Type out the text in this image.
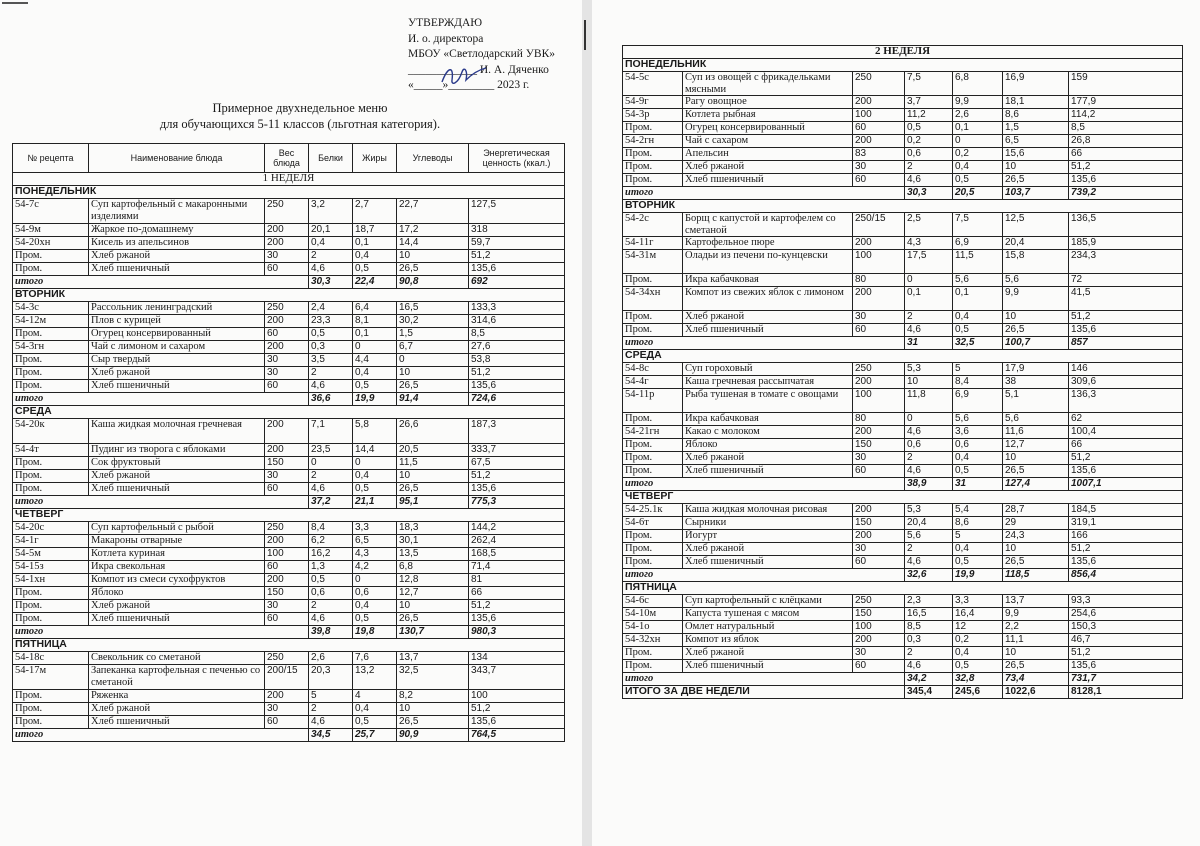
УТВЕРЖДАЮ
И. о. директора
МБОУ «Светлодарский УВК»
____________ И. А. Дяченко
«_____»________ 2023 г.
Примерное двухнедельное меню
для обучающихся 5-11 классов (льготная категория).
№ рецепта	Наименование блюда	Вес блюда	Белки	Жиры	Углеводы	Энергетическая ценность (ккал.)
1 НЕДЕЛЯ						
ПОНЕДЕЛЬНИК						
54-7с	Суп картофельный с макаронными изделиями	250	3,2	2,7	22,7	127,5
54-9м	Жаркое по-домашнему	200	20,1	18,7	17,2	318
54-20хн	Кисель из апельсинов	200	0,4	0,1	14,4	59,7
Пром.	Хлеб ржаной	30	2	0,4	10	51,2
Пром.	Хлеб пшеничный	60	4,6	0,5	26,5	135,6
итого			30,3	22,4	90,8	692
ВТОРНИК						
54-3с	Рассольник ленинградский	250	2,4	6,4	16,5	133,3
54-12м	Плов с курицей	200	23,3	8,1	30,2	314,6
Пром.	Огурец консервированный	60	0,5	0,1	1,5	8,5
54-3гн	Чай с лимоном и сахаром	200	0,3	0	6,7	27,6
Пром.	Сыр твердый	30	3,5	4,4	0	53,8
Пром.	Хлеб ржаной	30	2	0,4	10	51,2
Пром.	Хлеб пшеничный	60	4,6	0,5	26,5	135,6
итого			36,6	19,9	91,4	724,6
СРЕДА						
54-20к	Каша жидкая молочная гречневая	200	7,1	5,8	26,6	187,3
54-4т	Пудинг из творога с яблоками	200	23,5	14,4	20,5	333,7
Пром.	Сок фруктовый	150	0	0	11,5	67,5
Пром.	Хлеб ржаной	30	2	0,4	10	51,2
Пром.	Хлеб пшеничный	60	4,6	0,5	26,5	135,6
итого			37,2	21,1	95,1	775,3
ЧЕТВЕРГ						
54-20с	Суп картофельный с рыбой	250	8,4	3,3	18,3	144,2
54-1г	Макароны отварные	200	6,2	6,5	30,1	262,4
54-5м	Котлета куриная	100	16,2	4,3	13,5	168,5
54-15з	Икра свекольная	60	1,3	4,2	6,8	71,4
54-1хн	Компот из смеси сухофруктов	200	0,5	0	12,8	81
Пром.	Яблоко	150	0,6	0,6	12,7	66
Пром.	Хлеб ржаной	30	2	0,4	10	51,2
Пром.	Хлеб пшеничный	60	4,6	0,5	26,5	135,6
итого			39,8	19,8	130,7	980,3
ПЯТНИЦА						
54-18с	Свекольник со сметаной	250	2,6	7,6	13,7	134
54-17м	Запеканка картофельная с печенью со сметаной	200/15	20,3	13,2	32,5	343,7
Пром.	Ряженка	200	5	4	8,2	100
Пром.	Хлеб ржаной	30	2	0,4	10	51,2
Пром.	Хлеб пшеничный	60	4,6	0,5	26,5	135,6
итого			34,5	25,7	90,9	764,5
2 НЕДЕЛЯ						
ПОНЕДЕЛЬНИК						
54-5с	Суп из овощей с фрикадельками мясными	250	7,5	6,8	16,9	159
54-9г	Рагу овощное	200	3,7	9,9	18,1	177,9
54-3р	Котлета рыбная	100	11,2	2,6	8,6	114,2
Пром.	Огурец консервированный	60	0,5	0,1	1,5	8,5
54-2гн	Чай с сахаром	200	0,2	0	6,5	26,8
Пром.	Апельсин	83	0,6	0,2	15,6	66
Пром.	Хлеб ржаной	30	2	0,4	10	51,2
Пром.	Хлеб пшеничный	60	4,6	0,5	26,5	135,6
итого			30,3	20,5	103,7	739,2
ВТОРНИК						
54-2с	Борщ с капустой и картофелем со сметаной	250/15	2,5	7,5	12,5	136,5
54-11г	Картофельное пюре	200	4,3	6,9	20,4	185,9
54-31м	Оладьи из печени по-кунцевски	100	17,5	11,5	15,8	234,3
Пром.	Икра кабачковая	80	0	5,6	5,6	72
54-34хн	Компот из свежих яблок с лимоном	200	0,1	0,1	9,9	41,5
Пром.	Хлеб ржаной	30	2	0,4	10	51,2
Пром.	Хлеб пшеничный	60	4,6	0,5	26,5	135,6
итого			31	32,5	100,7	857
СРЕДА						
54-8с	Суп гороховый	250	5,3	5	17,9	146
54-4г	Каша гречневая рассыпчатая	200	10	8,4	38	309,6
54-11р	Рыба тушеная в томате с овощами	100	11,8	6,9	5,1	136,3
Пром.	Икра кабачковая	80	0	5,6	5,6	62
54-21гн	Какао с молоком	200	4,6	3,6	11,6	100,4
Пром.	Яблоко	150	0,6	0,6	12,7	66
Пром.	Хлеб ржаной	30	2	0,4	10	51,2
Пром.	Хлеб пшеничный	60	4,6	0,5	26,5	135,6
итого			38,9	31	127,4	1007,1
ЧЕТВЕРГ						
54-25.1к	Каша жидкая молочная рисовая	200	5,3	5,4	28,7	184,5
54-6т	Сырники	150	20,4	8,6	29	319,1
Пром.	Йогурт	200	5,6	5	24,3	166
Пром.	Хлеб ржаной	30	2	0,4	10	51,2
Пром.	Хлеб пшеничный	60	4,6	0,5	26,5	135,6
итого			32,6	19,9	118,5	856,4
ПЯТНИЦА						
54-6с	Суп картофельный с клёцками	250	2,3	3,3	13,7	93,3
54-10м	Капуста тушеная с мясом	150	16,5	16,4	9,9	254,6
54-1о	Омлет натуральный	100	8,5	12	2,2	150,3
54-32хн	Компот из яблок	200	0,3	0,2	11,1	46,7
Пром.	Хлеб ржаной	30	2	0,4	10	51,2
Пром.	Хлеб пшеничный	60	4,6	0,5	26,5	135,6
итого			34,2	32,8	73,4	731,7
ИТОГО ЗА ДВЕ НЕДЕЛИ			345,4	245,6	1022,6	8128,1
